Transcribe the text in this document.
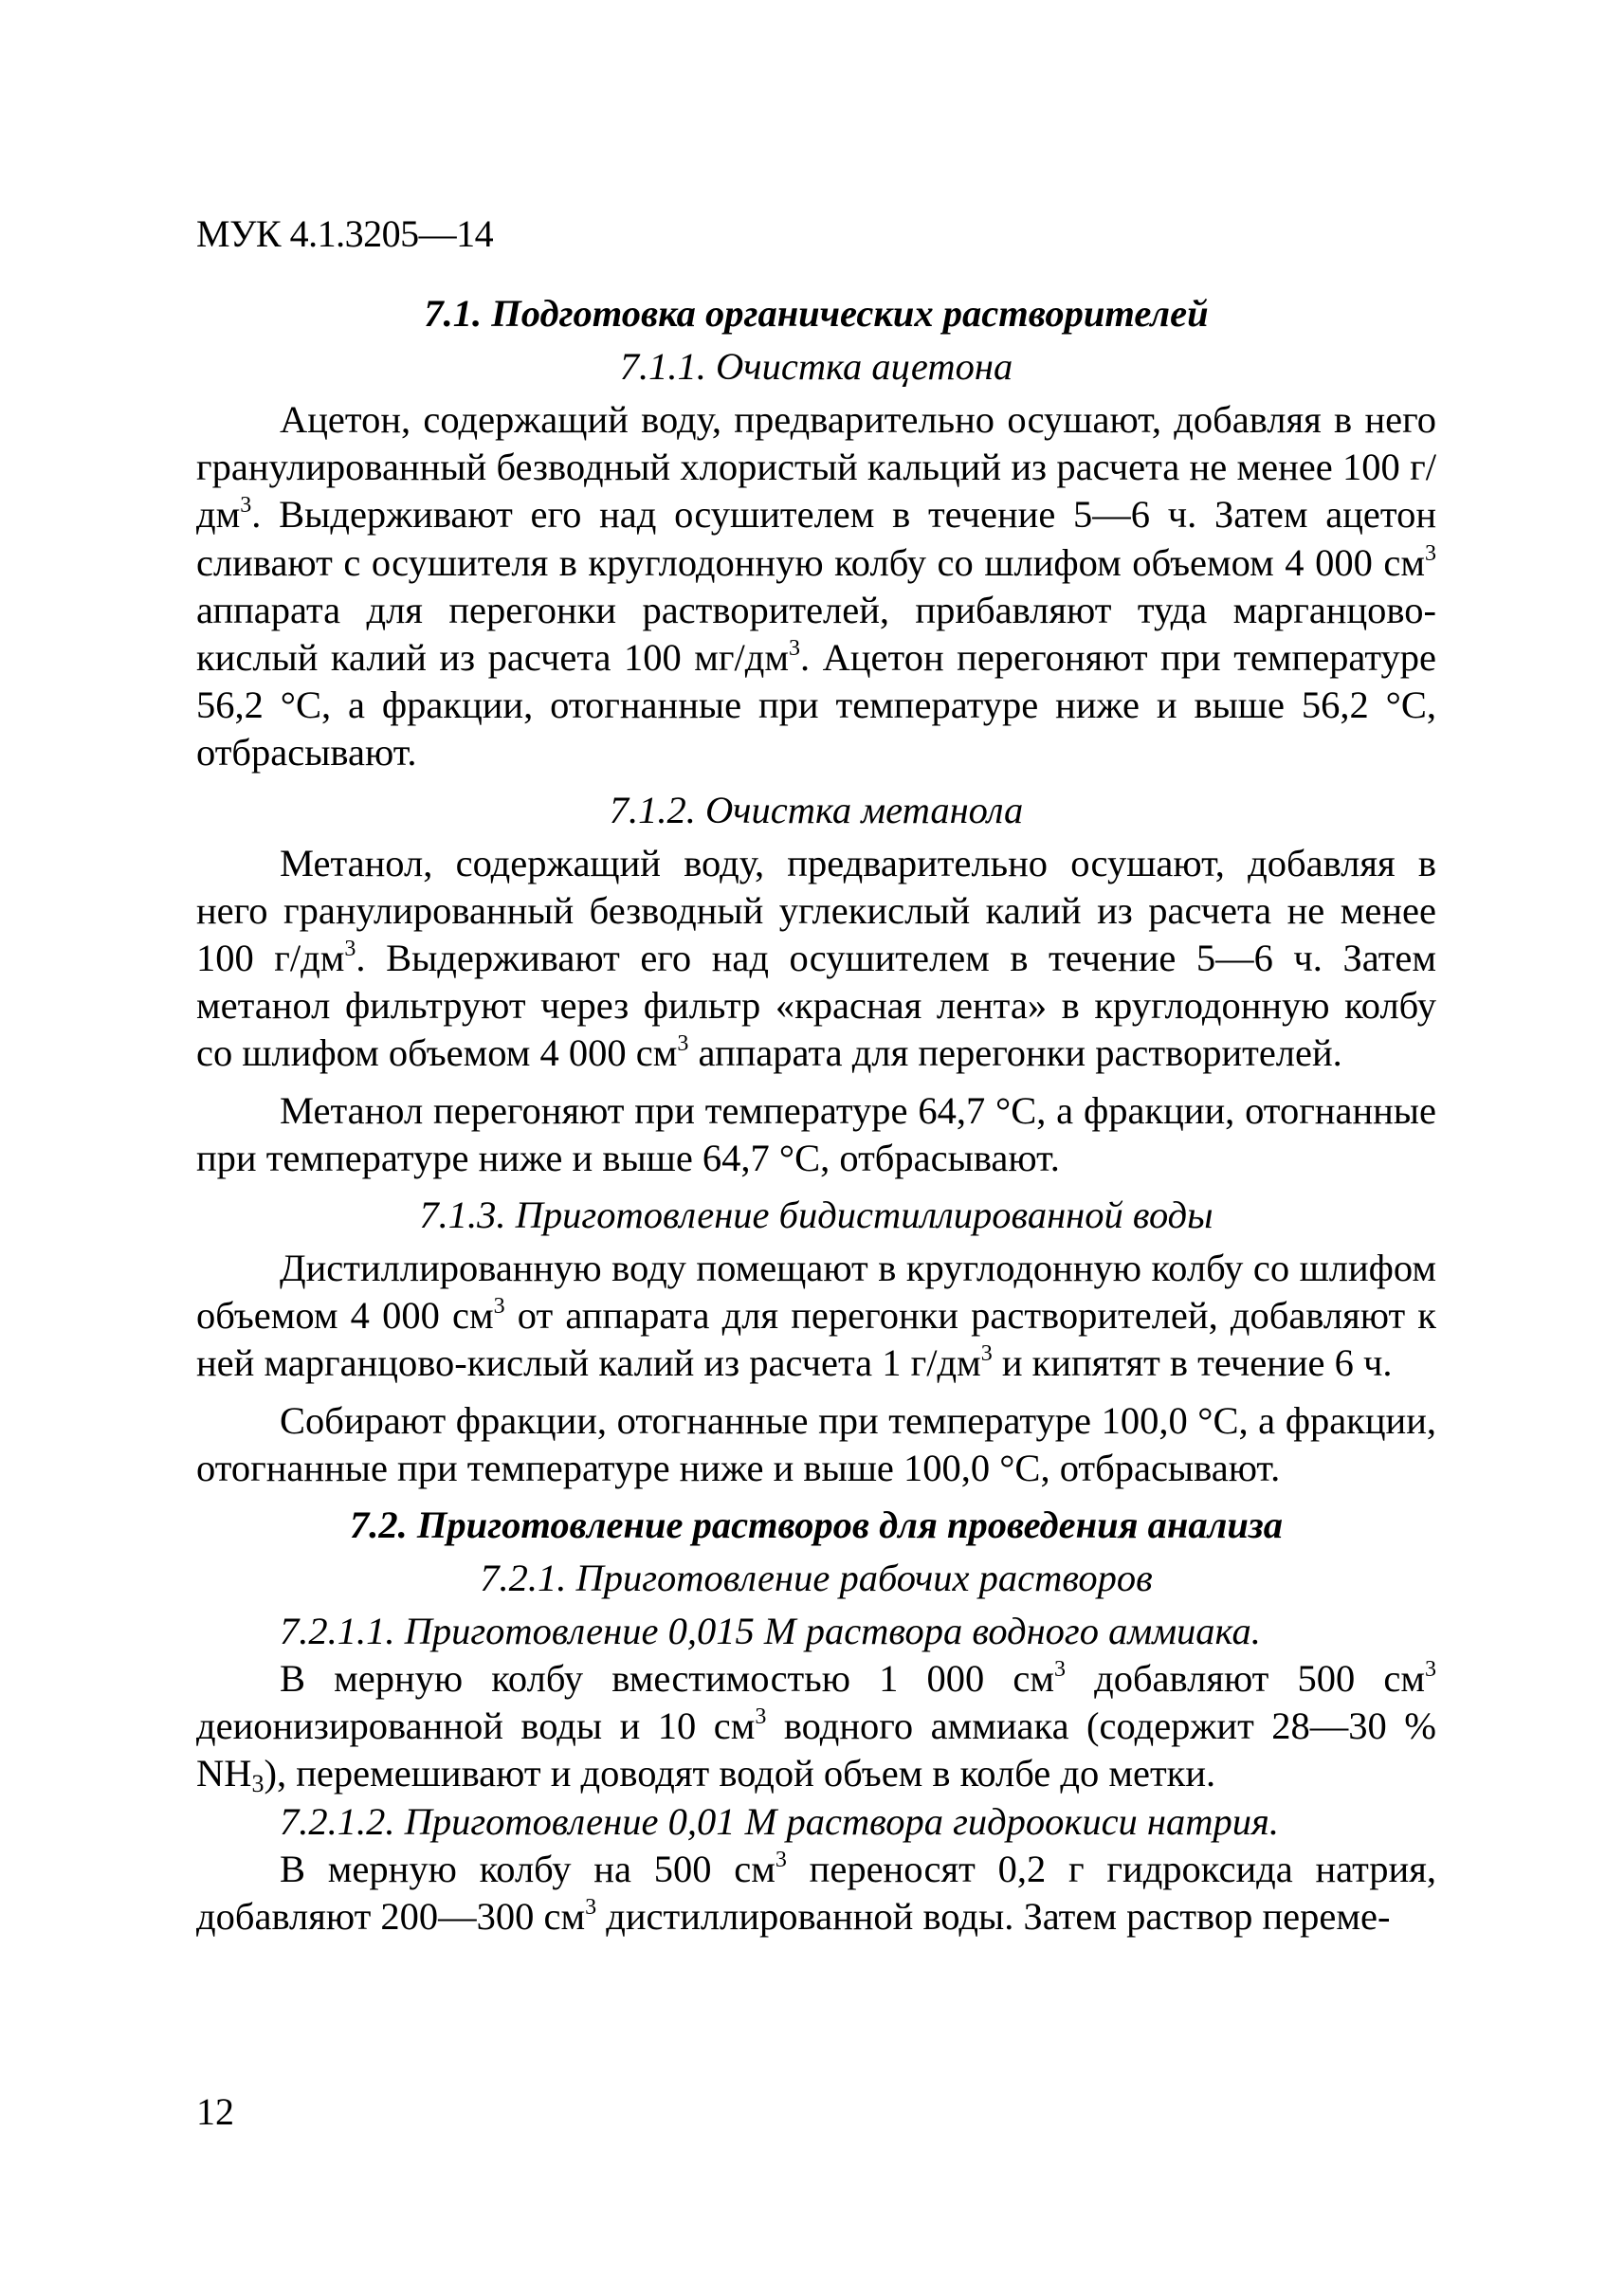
МУК 4.1.3205—14
7.1. Подготовка органических растворителей
7.1.1. Очистка ацетона

Ацетон, содержащий воду, предварительно осушают, добавляя в него гранулированный безводный хлористый кальций из расчета не менее 100 $г/дм^3$. Выдерживают его над осушителем в течение 5—6 ч. Затем ацетон сливают с осушителя в круглодонную колбу со шлифом объемом 4 000 $см^3$ аппарата для перегонки растворителей, прибавляют туда марганцово-кислый калий из расчета 100 $мг/дм^3$. Ацетон перегоняют при температуре 56,2 °С, а фракции, отогнанные при температуре ниже и выше 56,2 °С, отбрасывают.

7.1.2. Очистка метанола

Метанол, содержащий воду, предварительно осушают, добавляя в него гранулированный безводный углекислый калий из расчета не менее 100 $г/дм^3$. Выдерживают его над осушителем в течение 5—6 ч. Затем метанол фильтруют через фильтр «красная лента» в круглодонную колбу со шлифом объемом 4 000 $см^3$ аппарата для перегонки растворителей.

Метанол перегоняют при температуре 64,7 °С, а фракции, отогнанные при температуре ниже и выше 64,7 °С, отбрасывают.

7.1.3. Приготовление бидистиллированной воды

Дистиллированную воду помещают в круглодонную колбу со шлифом объемом 4 000 $см^3$ от аппарата для перегонки растворителей, добавляют к ней марганцово-кислый калий из расчета 1 $г/дм^3$ и кипятят в течение 6 ч.

Собирают фракции, отогнанные при температуре 100,0 °С, а фракции, отогнанные при температуре ниже и выше 100,0 °С, отбрасывают.

7.2. Приготовление растворов для проведения анализа
7.2.1. Приготовление рабочих растворов
7.2.1.1. Приготовление 0,015 М раствора водного аммиака.

В мерную колбу вместимостью 1 000 $см^3$ добавляют 500 $см^3$ деионизированной воды и 10 $см^3$ водного аммиака (содержит 28—30 % $NH_3$), перемешивают и доводят водой объем в колбе до метки.

7.2.1.2. Приготовление 0,01 М раствора гидроокиси натрия.

В мерную колбу на 500 $см^3$ переносят 0,2 г гидроксида натрия, добавляют 200—300 $см^3$ дистиллированной воды. Затем раствор переме-

12
